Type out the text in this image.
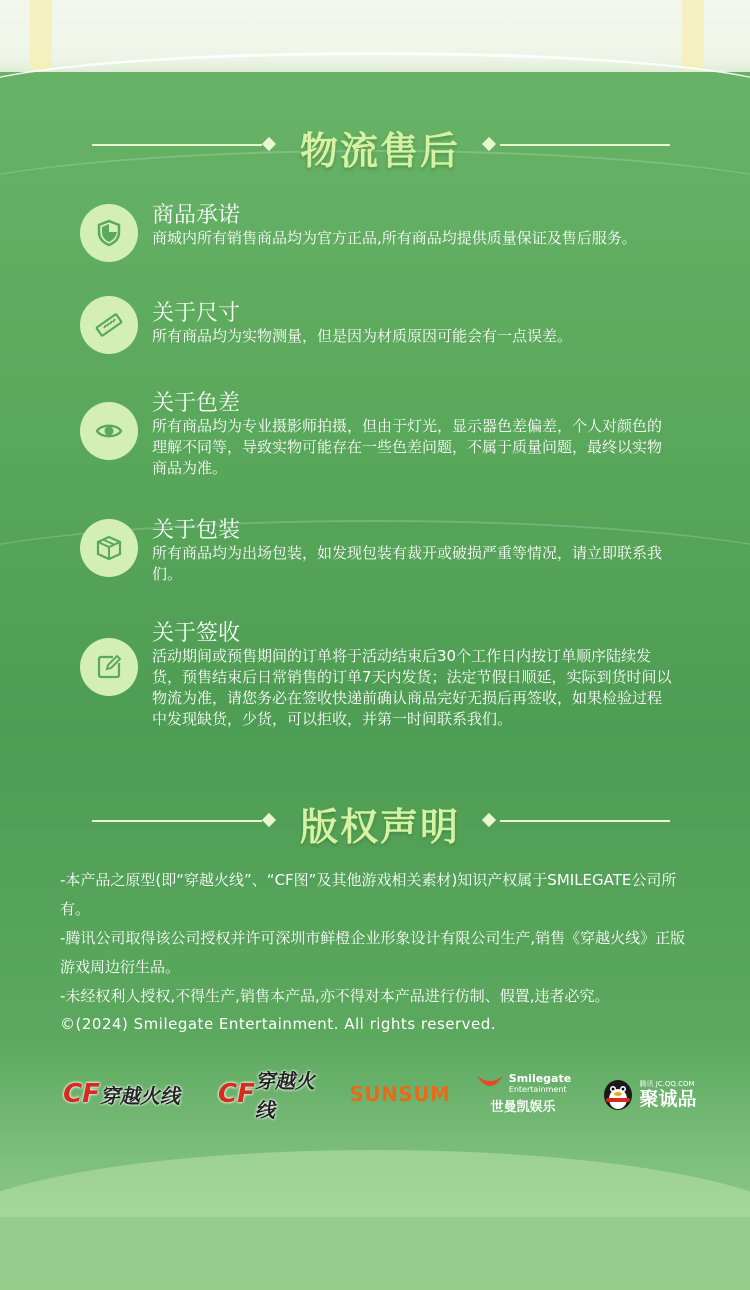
物流售后
商品承诺
商城内所有销售商品均为官方正品,所有商品均提供质量保证及售后服务。
关于尺寸
所有商品均为实物测量，但是因为材质原因可能会有一点误差。
关于色差
所有商品均为专业摄影师拍摄，但由于灯光，显示器色差偏差，个人对颜色的理解不同等，导致实物可能存在一些色差问题，不属于质量问题，最终以实物商品为准。
关于包装
所有商品均为出场包装，如发现包装有裁开或破损严重等情况，请立即联系我们。
关于签收
活动期间或预售期间的订单将于活动结束后30个工作日内按订单顺序陆续发货，预售结束后日常销售的订单7天内发货；法定节假日顺延，实际到货时间以物流为准，请您务必在签收快递前确认商品完好无损后再签收，如果检验过程中发现缺货，少货，可以拒收，并第一时间联系我们。
版权声明

-本产品之原型(即“穿越火线”、“CF图”及其他游戏相关素材)知识产权属于SMILEGATE公司所有。

-腾讯公司取得该公司授权并许可深圳市鲜橙企业形象设计有限公司生产,销售《穿越火线》正版游戏周边衍生品。

-未经权利人授权,不得生产,销售本产品,亦不得对本产品进行仿制、假置,违者必究。

©(2024) Smilegate Entertainment. All rights reserved.

CF 穿越火线 CF 穿越火线
SUNSUM
Smilegate
Entertainment
世曼凯娱乐
腾讯 JC.QQ.COM
聚诚品
